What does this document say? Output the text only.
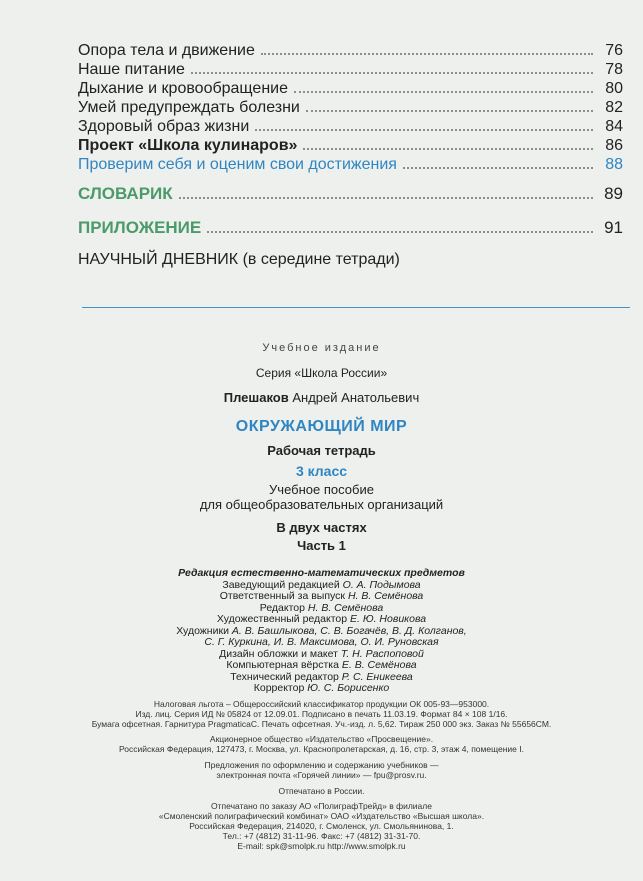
Опора тела и движение	76
Наше питание	78
Дыхание и кровообращение	80
Умей предупреждать болезни	82
Здоровый образ жизни	84
Проект «Школа кулинаров»	86
Проверим себя и оценим свои достижения	88
СЛОВАРИК	89
ПРИЛОЖЕНИЕ	91
НАУЧНЫЙ ДНЕВНИК (в середине тетради)
Учебное издание
Серия «Школа России»
Плешаков Андрей Анатольевич
ОКРУЖАЮЩИЙ МИР
Рабочая тетрадь
3 класс
Учебное пособие
для общеобразовательных организаций
В двух частях
Часть 1
Редакция естественно-математических предметов
Заведующий редакцией О. А. Подымова
Ответственный за выпуск Н. В. Семёнова
Редактор Н. В. Семёнова
Художественный редактор Е. Ю. Новикова
Художники А. В. Башлыкова, С. В. Богачёв, В. Д. Колганов,
С. Г. Куркина, И. В. Максимова, О. И. Руновская
Дизайн обложки и макет Т. Н. Распоповой
Компьютерная вёрстка Е. В. Семёнова
Технический редактор Р. С. Еникеева
Корректор Ю. С. Борисенко
Налоговая льгота – Общероссийский классификатор продукции ОК 005-93—953000.
Изд. лиц. Серия ИД № 05824 от 12.09.01. Подписано в печать 11.03.19. Формат 84 × 108 1/16.
Бумага офсетная. Гарнитура PragmaticaC. Печать офсетная. Уч.-изд. л. 5,62. Тираж 250 000 экз. Заказ № 55656СМ.
Акционерное общество «Издательство «Просвещение».
Российская Федерация, 127473, г. Москва, ул. Краснопролетарская, д. 16, стр. 3, этаж 4, помещение I.
Предложения по оформлению и содержанию учебников —
электронная почта «Горячей линии» — fpu@prosv.ru.
Отпечатано в России.
Отпечатано по заказу АО «ПолиграфТрейд» в филиале
«Смоленский полиграфический комбинат» ОАО «Издательство «Высшая школа».
Российская Федерация, 214020, г. Смоленск, ул. Смольянинова, 1.
Тел.: +7 (4812) 31-11-96. Факс: +7 (4812) 31-31-70.
E-mail: spk@smolpk.ru http://www.smolpk.ru
